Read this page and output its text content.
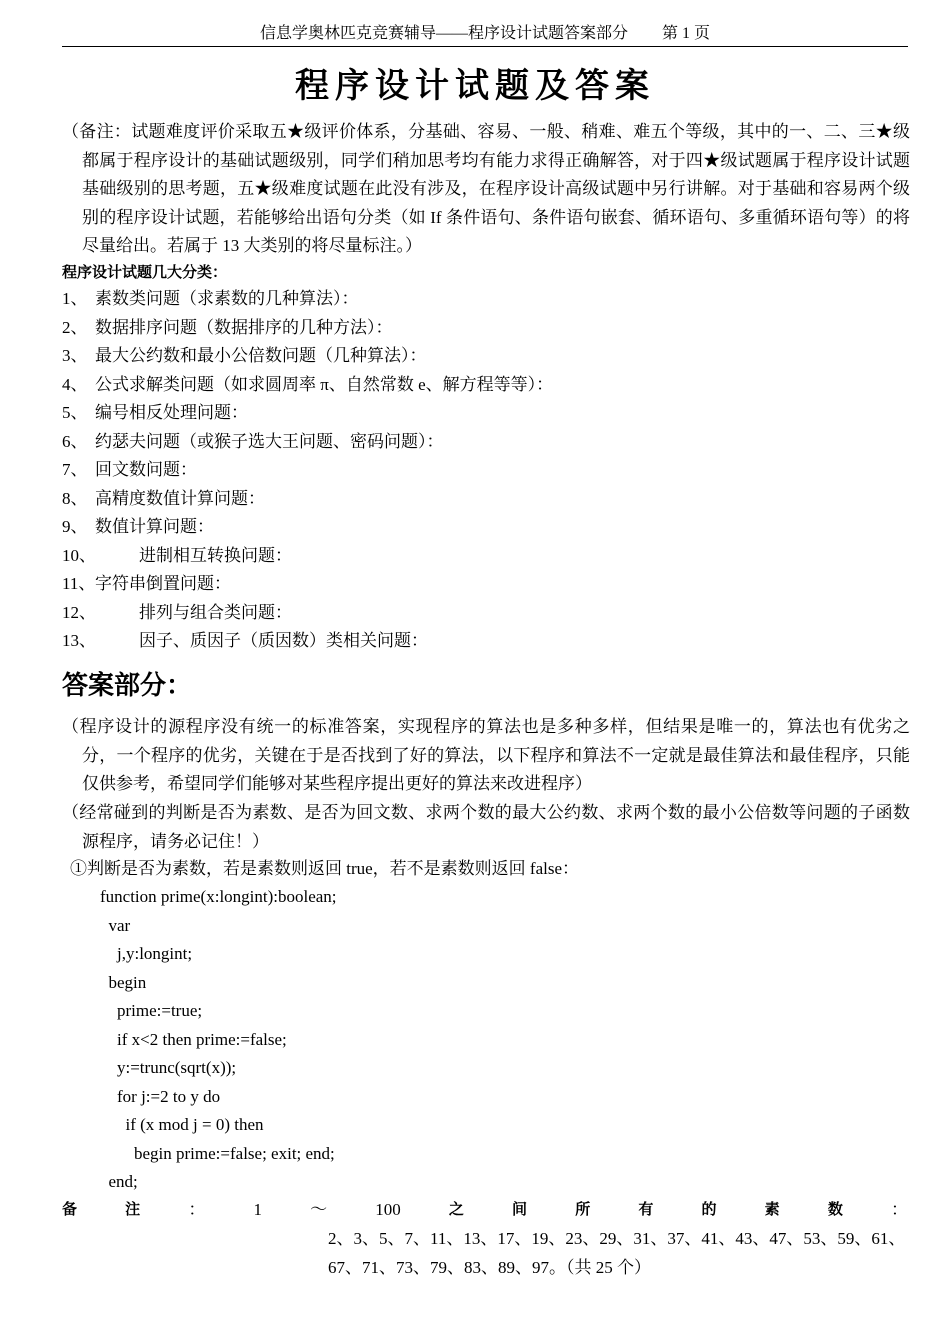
信息学奥林匹克竞赛辅导——程序设计试题答案部分 第 1 页
程序设计试题及答案
（备注：试题难度评价采取五★级评价体系，分基础、容易、一般、稍难、难五个等级，其中的一、二、三★级都属于程序设计的基础试题级别，同学们稍加思考均有能力求得正确解答，对于四★级试题属于程序设计试题基础级别的思考题，五★级难度试题在此没有涉及，在程序设计高级试题中另行讲解。对于基础和容易两个级别的程序设计试题，若能够给出语句分类（如 If 条件语句、条件语句嵌套、循环语句、多重循环语句等）的将尽量给出。若属于 13 大类别的将尽量标注。）
程序设计试题几大分类：
1、 素数类问题（求素数的几种算法）：
2、 数据排序问题（数据排序的几种方法）：
3、 最大公约数和最小公倍数问题（几种算法）：
4、 公式求解类问题（如求圆周率 π、自然常数 e、解方程等等）：
5、 编号相反处理问题：
6、 约瑟夫问题（或猴子选大王问题、密码问题）：
7、 回文数问题：
8、 高精度数值计算问题：
9、 数值计算问题：
10、	进制相互转换问题：
11、字符串倒置问题：
12、	排列与组合类问题：
13、	因子、质因子（质因数）类相关问题：
答案部分：
（程序设计的源程序没有统一的标准答案，实现程序的算法也是多种多样，但结果是唯一的，算法也有优劣之分，一个程序的优劣，关键在于是否找到了好的算法，以下程序和算法不一定就是最佳算法和最佳程序，只能仅供参考，希望同学们能够对某些程序提出更好的算法来改进程序）
（经常碰到的判断是否为素数、是否为回文数、求两个数的最大公约数、求两个数的最小公倍数等问题的子函数源程序，请务必记住！）
①判断是否为素数，若是素数则返回 true，若不是素数则返回 false：
function prime(x:longint):boolean;
var
j,y:longint;
begin
prime:=true;
if x<2 then prime:=false;
y:=trunc(sqrt(x));
for j:=2 to y do
if (x mod j = 0) then
begin prime:=false; exit; end;
end;
备	注	：	1	～	100	之	间	所	有	的	素	数	：
2、3、5、7、11、13、17、19、23、29、31、37、41、43、47、53、59、61、67、71、73、79、83、89、97。（共 25 个）
